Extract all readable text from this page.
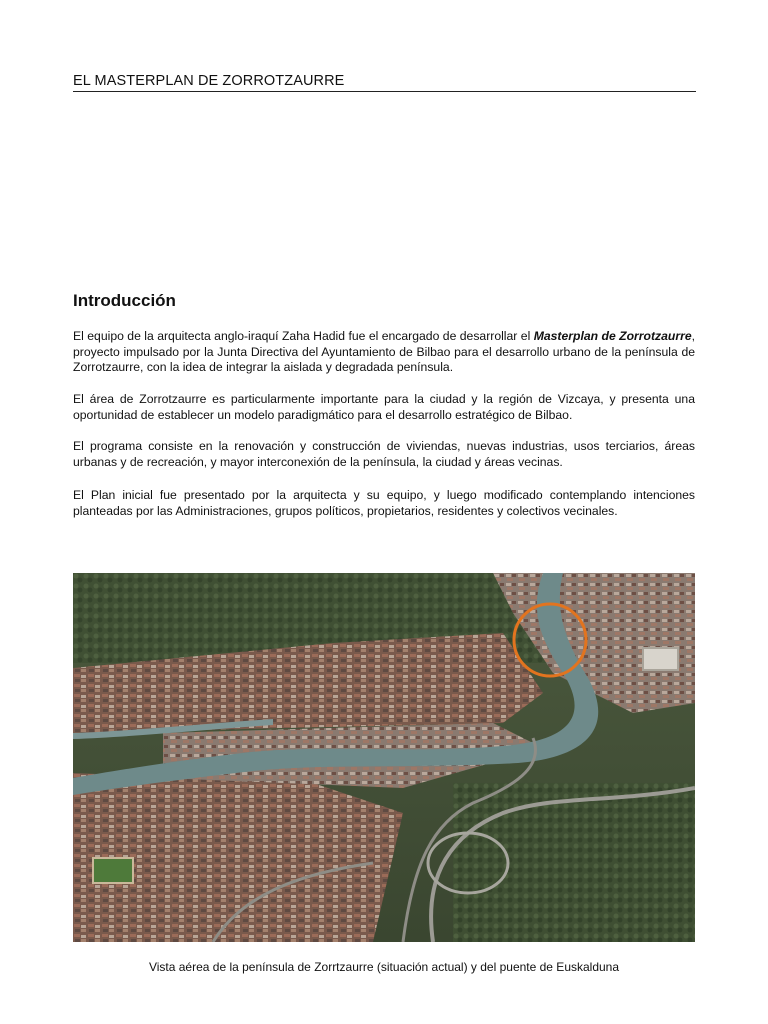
EL MASTERPLAN DE ZORROTZAURRE
Introducción

El equipo de la arquitecta anglo-iraquí Zaha Hadid fue el encargado de desarrollar el Masterplan de Zorrotzaurre, proyecto impulsado por la Junta Directiva del Ayuntamiento de Bilbao para el desarrollo urbano de la península de Zorrotzaurre, con la idea de integrar la aislada y degradada península.

El área de Zorrotzaurre es particularmente importante para la ciudad y la región de Vizcaya, y presenta una oportunidad de establecer un modelo paradigmático para el desarrollo estratégico de Bilbao.

El programa consiste en la renovación y construcción de viviendas, nuevas industrias, usos terciarios, áreas urbanas y de recreación, y mayor interconexión de la península, la ciudad y áreas vecinas.

El Plan inicial fue presentado por la arquitecta y su equipo, y luego modificado contemplando intenciones planteadas por las Administraciones, grupos políticos, propietarios, residentes y colectivos vecinales.

Vista aérea de la península de Zorrtzaurre (situación actual) y del puente de Euskalduna
